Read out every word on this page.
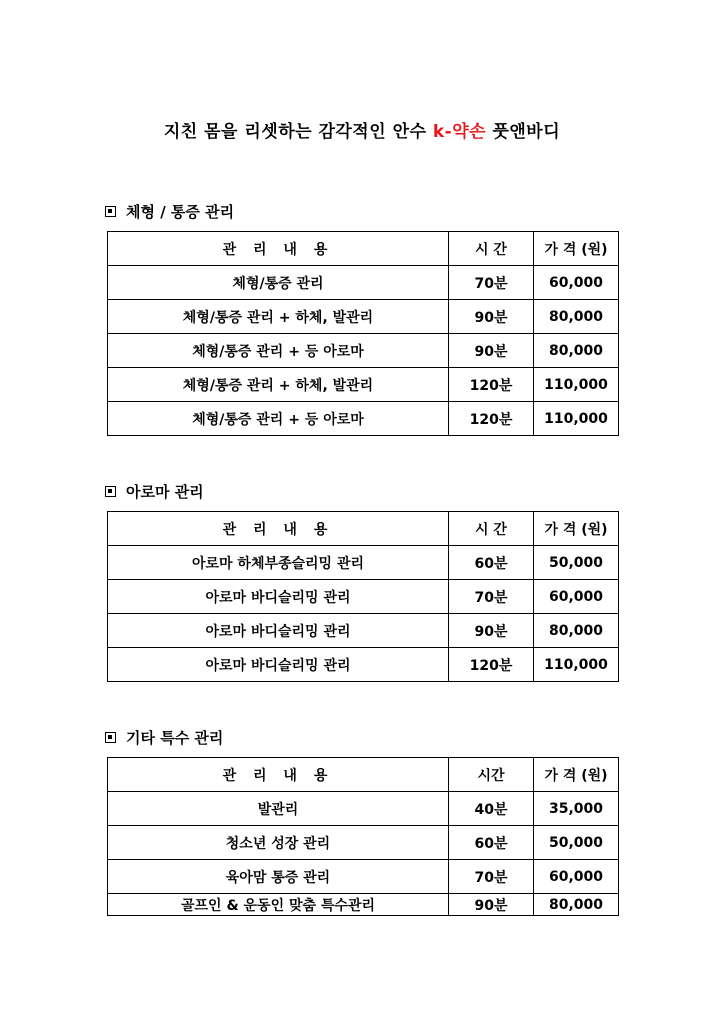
지친 몸을 리셋하는 감각적인 안수 k-약손 풋앤바디
체형 / 통증 관리
관 리 내 용	시 간	가 격 (원)
체형/통증 관리	70분	60,000
체형/통증 관리 + 하체, 발관리	90분	80,000
체형/통증 관리 + 등 아로마	90분	80,000
체형/통증 관리 + 하체, 발관리	120분	110,000
체형/통증 관리 + 등 아로마	120분	110,000
아로마 관리
관 리 내 용	시 간	가 격 (원)
아로마 하체부종슬리밍 관리	60분	50,000
아로마 바디슬리밍 관리	70분	60,000
아로마 바디슬리밍 관리	90분	80,000
아로마 바디슬리밍 관리	120분	110,000
기타 특수 관리
관 리 내 용	시간	가 격 (원)
발관리	40분	35,000
청소년 성장 관리	60분	50,000
육아맘 통증 관리	70분	60,000
골프인 & 운동인 맞춤 특수관리	90분	80,000
